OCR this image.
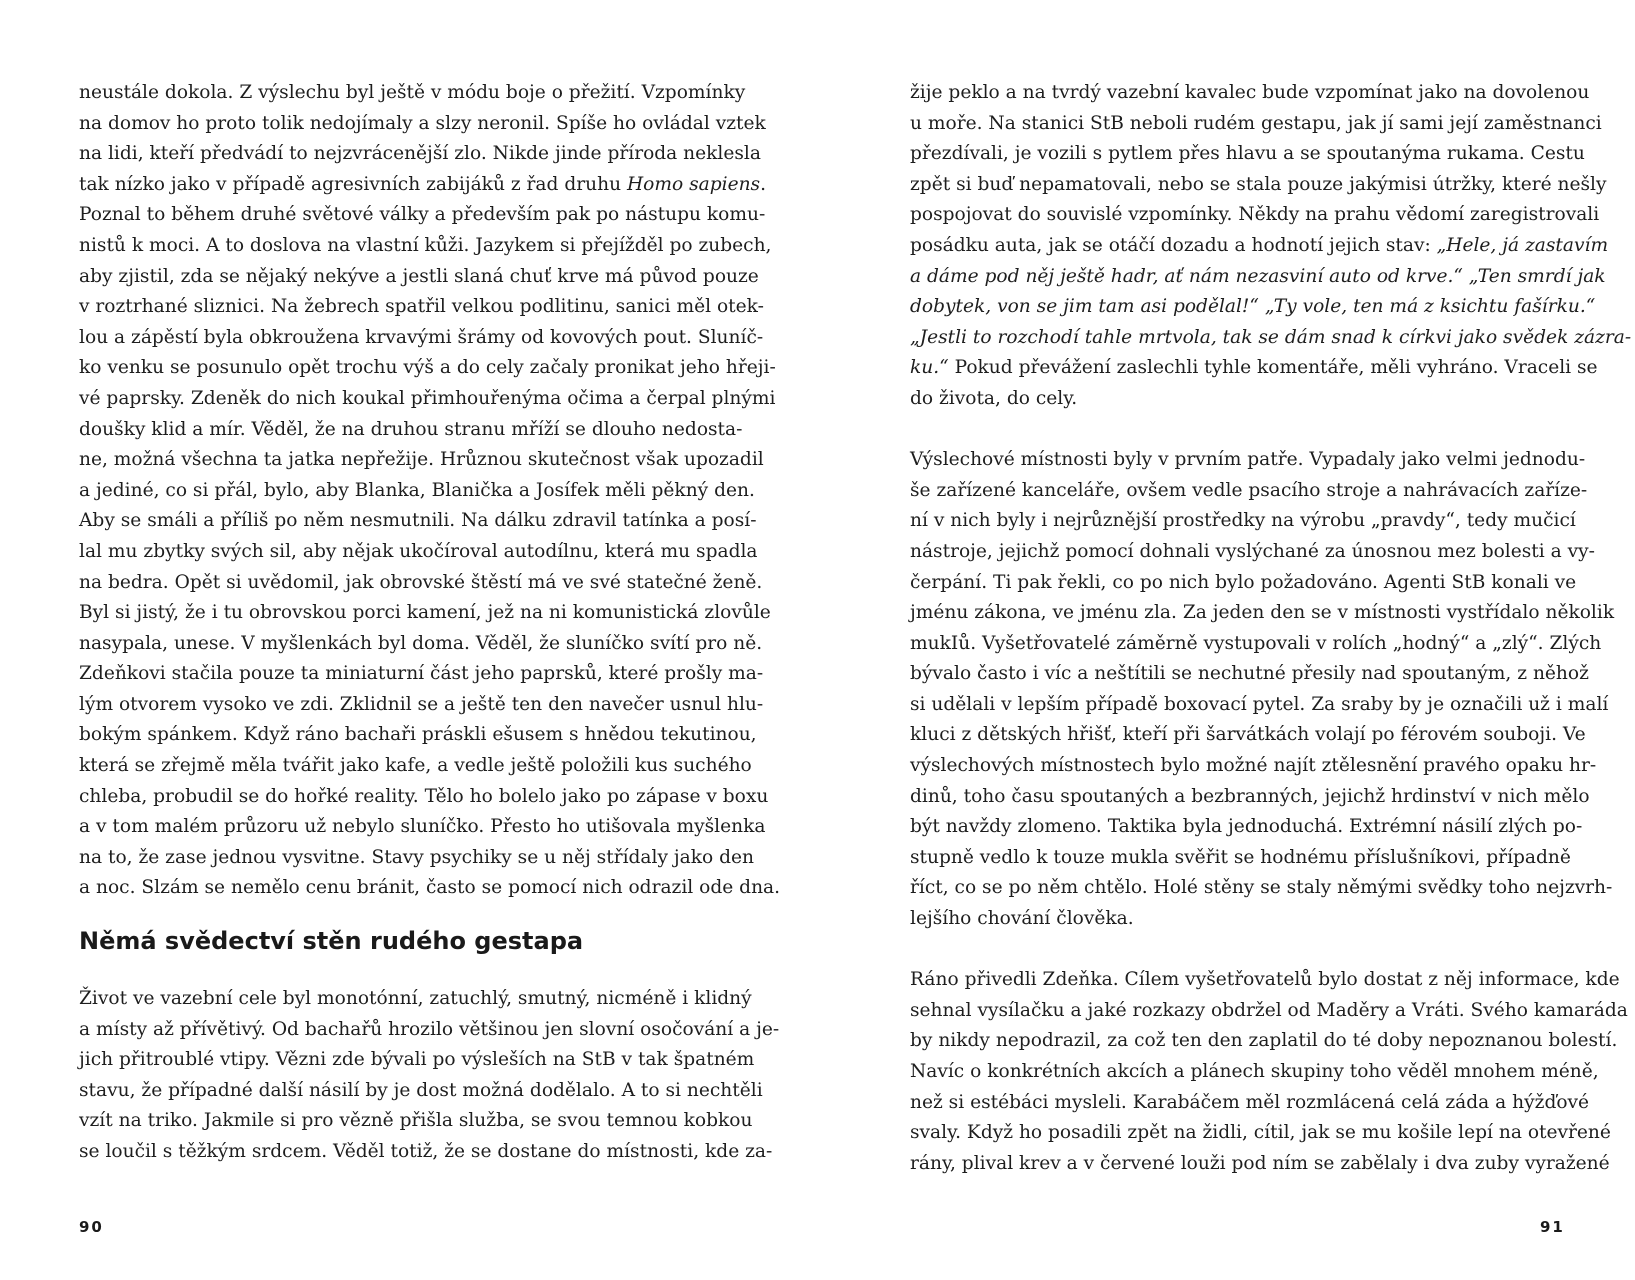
neustále dokola. Z výslechu byl ještě v módu boje o přežití. Vzpomínky
na domov ho proto tolik nedojímaly a slzy neronil. Spíše ho ovládal vztek
na lidi, kteří předvádí to nejzvrácenější zlo. Nikde jinde příroda neklesla
tak nízko jako v případě agresivních zabijáků z řad druhu Homo sapiens.
Poznal to během druhé světové války a především pak po nástupu komu-
nistů k moci. A to doslova na vlastní kůži. Jazykem si přejížděl po zubech,
aby zjistil, zda se nějaký nekýve a jestli slaná chuť krve má původ pouze
v roztrhané sliznici. Na žebrech spatřil velkou podlitinu, sanici měl otek-
lou a zápěstí byla obkroužena krvavými šrámy od kovových pout. Sluníč-
ko venku se posunulo opět trochu výš a do cely začaly pronikat jeho hřeji-
vé paprsky. Zdeněk do nich koukal přimhouřenýma očima a čerpal plnými
doušky klid a mír. Věděl, že na druhou stranu mříží se dlouho nedosta-
ne, možná všechna ta jatka nepřežije. Hrůznou skutečnost však upozadil
a jediné, co si přál, bylo, aby Blanka, Blanička a Josífek měli pěkný den.
Aby se smáli a příliš po něm nesmutnili. Na dálku zdravil tatínka a posí-
lal mu zbytky svých sil, aby nějak ukočíroval autodílnu, která mu spadla
na bedra. Opět si uvědomil, jak obrovské štěstí má ve své statečné ženě.
Byl si jistý, že i tu obrovskou porci kamení, jež na ni komunistická zlovůle
nasypala, unese. V myšlenkách byl doma. Věděl, že sluníčko svítí pro ně.
Zdeňkovi stačila pouze ta miniaturní část jeho paprsků, které prošly ma-
lým otvorem vysoko ve zdi. Zklidnil se a ještě ten den navečer usnul hlu-
bokým spánkem. Když ráno bachaři práskli ešusem s hnědou tekutinou,
která se zřejmě měla tvářit jako kafe, a vedle ještě položili kus suchého
chleba, probudil se do hořké reality. Tělo ho bolelo jako po zápase v boxu
a v tom malém průzoru už nebylo sluníčko. Přesto ho utišovala myšlenka
na to, že zase jednou vysvitne. Stavy psychiky se u něj střídaly jako den
a noc. Slzám se nemělo cenu bránit, často se pomocí nich odrazil ode dna.
Němá svědectví stěn rudého gestapa
Život ve vazební cele byl monotónní, zatuchlý, smutný, nicméně i klidný
a místy až přívětivý. Od bachařů hrozilo většinou jen slovní osočování a je-
jich přitroublé vtipy. Vězni zde bývali po výsleších na StB v tak špatném
stavu, že případné další násilí by je dost možná dodělalo. A to si nechtěli
vzít na triko. Jakmile si pro vězně přišla služba, se svou temnou kobkou
se loučil s těžkým srdcem. Věděl totiž, že se dostane do místnosti, kde za-
žije peklo a na tvrdý vazební kavalec bude vzpomínat jako na dovolenou
u moře. Na stanici StB neboli rudém gestapu, jak jí sami její zaměstnanci
přezdívali, je vozili s pytlem přes hlavu a se spoutanýma rukama. Cestu
zpět si buď nepamatovali, nebo se stala pouze jakýmisi útržky, které nešly
pospojovat do souvislé vzpomínky. Někdy na prahu vědomí zaregistrovali
posádku auta, jak se otáčí dozadu a hodnotí jejich stav: „Hele, já zastavím
a dáme pod něj ještě hadr, ať nám nezasviní auto od krve.“ „Ten smrdí jak
dobytek, von se jim tam asi podělal!“ „Ty vole, ten má z ksichtu fašírku.“
„Jestli to rozchodí tahle mrtvola, tak se dám snad k církvi jako svědek zázra-
ku.“ Pokud převážení zaslechli tyhle komentáře, měli vyhráno. Vraceli se
do života, do cely.
Výslechové místnosti byly v prvním patře. Vypadaly jako velmi jednodu-
še zařízené kanceláře, ovšem vedle psacího stroje a nahrávacích zaříze-
ní v nich byly i nejrůznější prostředky na výrobu „pravdy“, tedy mučicí
nástroje, jejichž pomocí dohnali vyslýchané za únosnou mez bolesti a vy-
čerpání. Ti pak řekli, co po nich bylo požadováno. Agenti StB konali ve
jménu zákona, ve jménu zla. Za jeden den se v místnosti vystřídalo několik
mukIů. Vyšetřovatelé záměrně vystupovali v rolích „hodný“ a „zlý“. Zlých
bývalo často i víc a neštítili se nechutné přesily nad spoutaným, z něhož
si udělali v lepším případě boxovací pytel. Za sraby by je označili už i malí
kluci z dětských hřišť, kteří při šarvátkách volají po férovém souboji. Ve
výslechových místnostech bylo možné najít ztělesnění pravého opaku hr-
dinů, toho času spoutaných a bezbranných, jejichž hrdinství v nich mělo
být navždy zlomeno. Taktika byla jednoduchá. Extrémní násilí zlých po-
stupně vedlo k touze mukla svěřit se hodnému příslušníkovi, případně
říct, co se po něm chtělo. Holé stěny se staly němými svědky toho nejzvrh-
lejšího chování člověka.
Ráno přivedli Zdeňka. Cílem vyšetřovatelů bylo dostat z něj informace, kde
sehnal vysílačku a jaké rozkazy obdržel od Maděry a Vráti. Svého kamaráda
by nikdy nepodrazil, za což ten den zaplatil do té doby nepoznanou bolestí.
Navíc o konkrétních akcích a plánech skupiny toho věděl mnohem méně,
než si estébáci mysleli. Karabáčem měl rozmlácená celá záda a hýžďové
svaly. Když ho posadili zpět na židli, cítil, jak se mu košile lepí na otevřené
rány, plival krev a v červené louži pod ním se zabělaly i dva zuby vyražené
90	91
